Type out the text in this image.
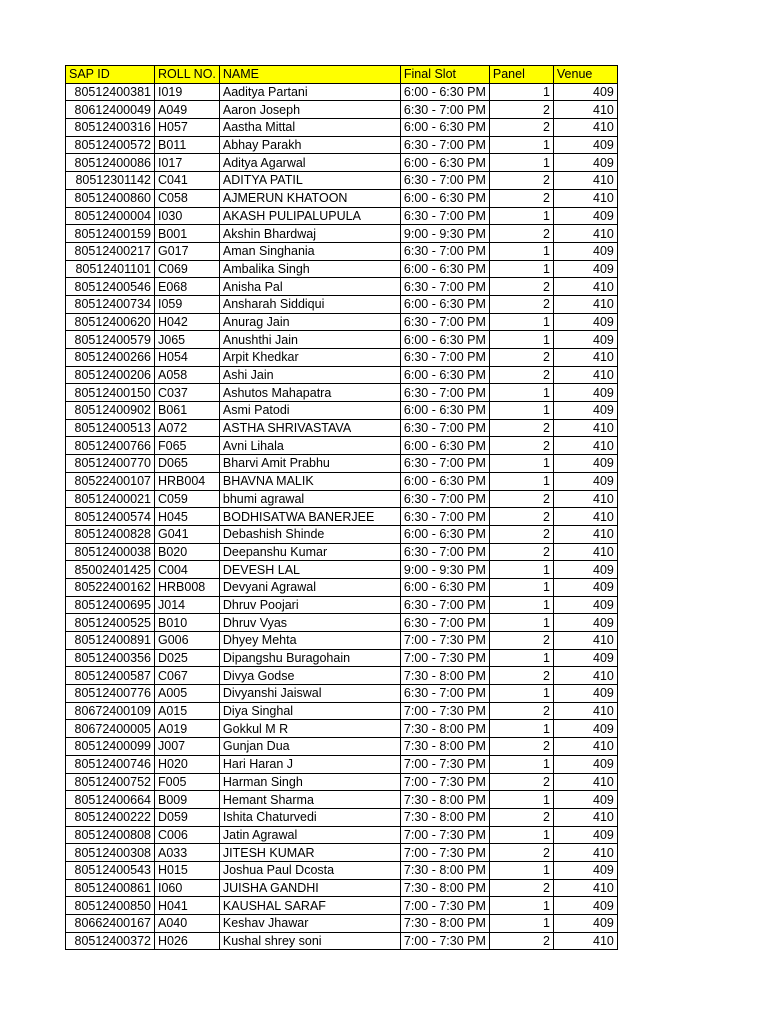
SAP ID	ROLL NO.	NAME	Final Slot	Panel	Venue
80512400381	I019	Aaditya Partani	6:00 - 6:30 PM	1	409
80612400049	A049	Aaron Joseph	6:30 - 7:00 PM	2	410
80512400316	H057	Aastha Mittal	6:00 - 6:30 PM	2	410
80512400572	B011	Abhay Parakh	6:30 - 7:00 PM	1	409
80512400086	I017	Aditya Agarwal	6:00 - 6:30 PM	1	409
80512301142	C041	ADITYA PATIL	6:30 - 7:00 PM	2	410
80512400860	C058	AJMERUN KHATOON	6:00 - 6:30 PM	2	410
80512400004	I030	AKASH PULIPALUPULA	6:30 - 7:00 PM	1	409
80512400159	B001	Akshin Bhardwaj	9:00 - 9:30 PM	2	410
80512400217	G017	Aman Singhania	6:30 - 7:00 PM	1	409
80512401101	C069	Ambalika Singh	6:00 - 6:30 PM	1	409
80512400546	E068	Anisha Pal	6:30 - 7:00 PM	2	410
80512400734	I059	Ansharah Siddiqui	6:00 - 6:30 PM	2	410
80512400620	H042	Anurag Jain	6:30 - 7:00 PM	1	409
80512400579	J065	Anushthi Jain	6:00 - 6:30 PM	1	409
80512400266	H054	Arpit Khedkar	6:30 - 7:00 PM	2	410
80512400206	A058	Ashi Jain	6:00 - 6:30 PM	2	410
80512400150	C037	Ashutos Mahapatra	6:30 - 7:00 PM	1	409
80512400902	B061	Asmi Patodi	6:00 - 6:30 PM	1	409
80512400513	A072	ASTHA SHRIVASTAVA	6:30 - 7:00 PM	2	410
80512400766	F065	Avni Lihala	6:00 - 6:30 PM	2	410
80512400770	D065	Bharvi Amit Prabhu	6:30 - 7:00 PM	1	409
80522400107	HRB004	BHAVNA MALIK	6:00 - 6:30 PM	1	409
80512400021	C059	bhumi agrawal	6:30 - 7:00 PM	2	410
80512400574	H045	BODHISATWA BANERJEE	6:30 - 7:00 PM	2	410
80512400828	G041	Debashish Shinde	6:00 - 6:30 PM	2	410
80512400038	B020	Deepanshu Kumar	6:30 - 7:00 PM	2	410
85002401425	C004	DEVESH LAL	9:00 - 9:30 PM	1	409
80522400162	HRB008	Devyani Agrawal	6:00 - 6:30 PM	1	409
80512400695	J014	Dhruv Poojari	6:30 - 7:00 PM	1	409
80512400525	B010	Dhruv Vyas	6:30 - 7:00 PM	1	409
80512400891	G006	Dhyey Mehta	7:00 - 7:30 PM	2	410
80512400356	D025	Dipangshu Buragohain	7:00 - 7:30 PM	1	409
80512400587	C067	Divya Godse	7:30 - 8:00 PM	2	410
80512400776	A005	Divyanshi Jaiswal	6:30 - 7:00 PM	1	409
80672400109	A015	Diya Singhal	7:00 - 7:30 PM	2	410
80672400005	A019	Gokkul M R	7:30 - 8:00 PM	1	409
80512400099	J007	Gunjan Dua	7:30 - 8:00 PM	2	410
80512400746	H020	Hari Haran J	7:00 - 7:30 PM	1	409
80512400752	F005	Harman Singh	7:00 - 7:30 PM	2	410
80512400664	B009	Hemant Sharma	7:30 - 8:00 PM	1	409
80512400222	D059	Ishita Chaturvedi	7:30 - 8:00 PM	2	410
80512400808	C006	Jatin Agrawal	7:00 - 7:30 PM	1	409
80512400308	A033	JITESH KUMAR	7:00 - 7:30 PM	2	410
80512400543	H015	Joshua Paul Dcosta	7:30 - 8:00 PM	1	409
80512400861	I060	JUISHA GANDHI	7:30 - 8:00 PM	2	410
80512400850	H041	KAUSHAL SARAF	7:00 - 7:30 PM	1	409
80662400167	A040	Keshav Jhawar	7:30 - 8:00 PM	1	409
80512400372	H026	Kushal shrey soni	7:00 - 7:30 PM	2	410
